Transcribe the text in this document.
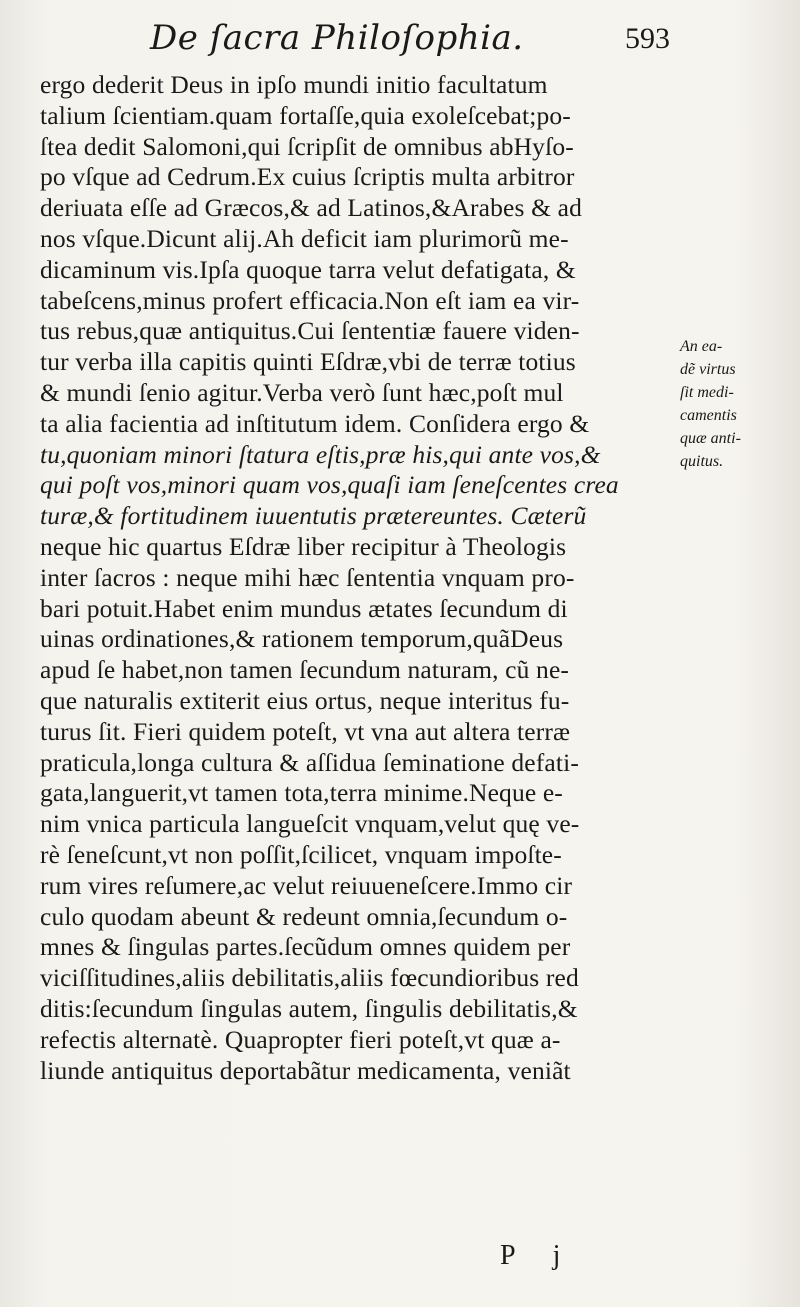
De ſacra Philoſophia.	593
ergo dederit Deus in ipſo mundi initio facultatum
talium ſcientiam.quam fortaſſe,quia exoleſcebat;po-
ſtea dedit Salomoni,qui ſcripſit de omnibus abHyſo-
po vſque ad Cedrum.Ex cuius ſcriptis multa arbitror
deriuata eſſe ad Græcos,& ad Latinos,&Arabes & ad
nos vſque.Dicunt alij.Ah deficit iam plurimorũ me-
dicaminum vis.Ipſa quoque tarra velut defatigata, &
tabeſcens,minus profert efficacia.Non eſt iam ea vir-
tus rebus,quæ antiquitus.Cui ſententiæ fauere viden-
tur verba illa capitis quinti Eſdræ,vbi de terræ totius
& mundi ſenio agitur.Verba verò ſunt hæc,poſt mul
ta alia facientia ad inſtitutum idem. Conſidera ergo &
tu,quoniam minori ſtatura eſtis,præ his,qui ante vos,&
qui poſt vos,minori quam vos,quaſi iam ſeneſcentes crea
turæ,& fortitudinem iuuentutis prætereuntes. Cæterũ
neque hic quartus Eſdræ liber recipitur à Theologis
inter ſacros : neque mihi hæc ſententia vnquam pro-
bari potuit.Habet enim mundus ætates ſecundum di
uinas ordinationes,& rationem temporum,quãDeus
apud ſe habet,non tamen ſecundum naturam, cũ ne-
que naturalis extiterit eius ortus, neque interitus fu-
turus ſit. Fieri quidem poteſt, vt vna aut altera terræ
praticula,longa cultura & aſſidua ſeminatione defati-
gata,languerit,vt tamen tota,terra minime.Neque e-
nim vnica particula langueſcit vnquam,velut quę ve-
rè ſeneſcunt,vt non poſſit,ſcilicet, vnquam impoſte-
rum vires reſumere,ac velut reiuueneſcere.Immo cir
culo quodam abeunt & redeunt omnia,ſecundum o-
mnes & ſingulas partes.ſecũdum omnes quidem per
viciſſitudines,aliis debilitatis,aliis fœcundioribus red
ditis:ſecundum ſingulas autem, ſingulis debilitatis,&
refectis alternatè. Quapropter fieri poteſt,vt quæ a-
liunde antiquitus deportabãtur medicamenta, veniãt
An ea-
dẽ virtus
ſit medi-
camentis
quæ anti-
quitus.
P j
